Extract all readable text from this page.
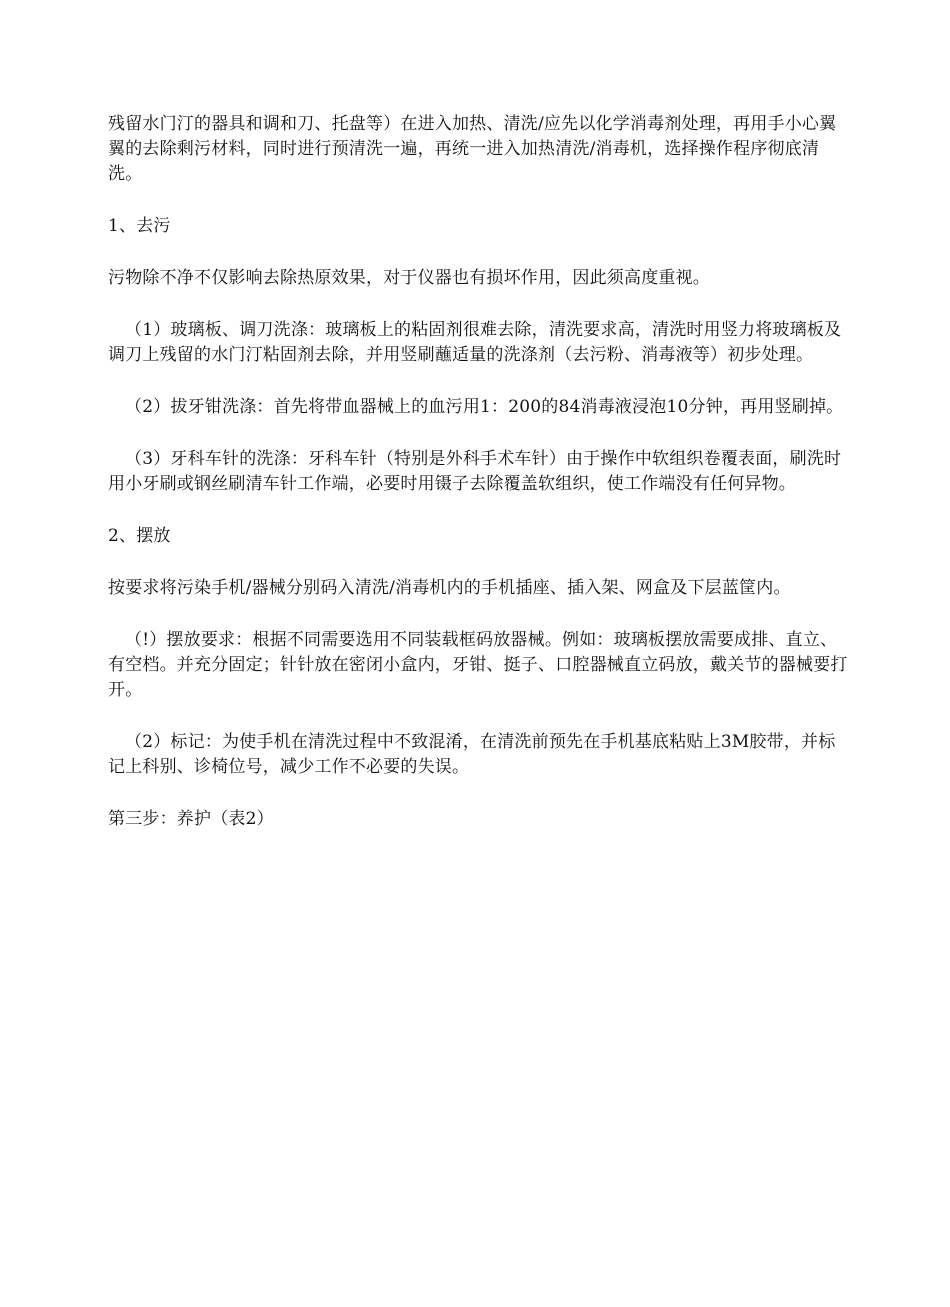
残留水门汀的器具和调和刀、托盘等）在进入加热、清洗/应先以化学消毒剂处理，再用手小心翼翼的去除剩污材料，同时进行预清洗一遍，再统一进入加热清洗/消毒机，选择操作程序彻底清洗。

1、去污

污物除不净不仅影响去除热原效果，对于仪器也有损坏作用，因此须高度重视。

（1）玻璃板、调刀洗涤：玻璃板上的粘固剂很难去除，清洗要求高，清洗时用竖力将玻璃板及调刀上残留的水门汀粘固剂去除，并用竖刷蘸适量的洗涤剂（去污粉、消毒液等）初步处理。

（2）拔牙钳洗涤：首先将带血器械上的血污用1：200的84消毒液浸泡10分钟，再用竖刷掉。

（3）牙科车针的洗涤：牙科车针（特别是外科手术车针）由于操作中软组织卷覆表面，刷洗时用小牙刷或钢丝刷清车针工作端，必要时用镊子去除覆盖软组织，使工作端没有任何异物。

2、摆放

按要求将污染手机/器械分别码入清洗/消毒机内的手机插座、插入架、网盒及下层蓝筐内。

（!）摆放要求：根据不同需要选用不同装载框码放器械。例如：玻璃板摆放需要成排、直立、有空档。并充分固定；针针放在密闭小盒内，牙钳、挺子、口腔器械直立码放，戴关节的器械要打开。

（2）标记：为使手机在清洗过程中不致混淆，在清洗前预先在手机基底粘贴上3M胶带，并标记上科别、诊椅位号，减少工作不必要的失误。

第三步：养护（表2）
